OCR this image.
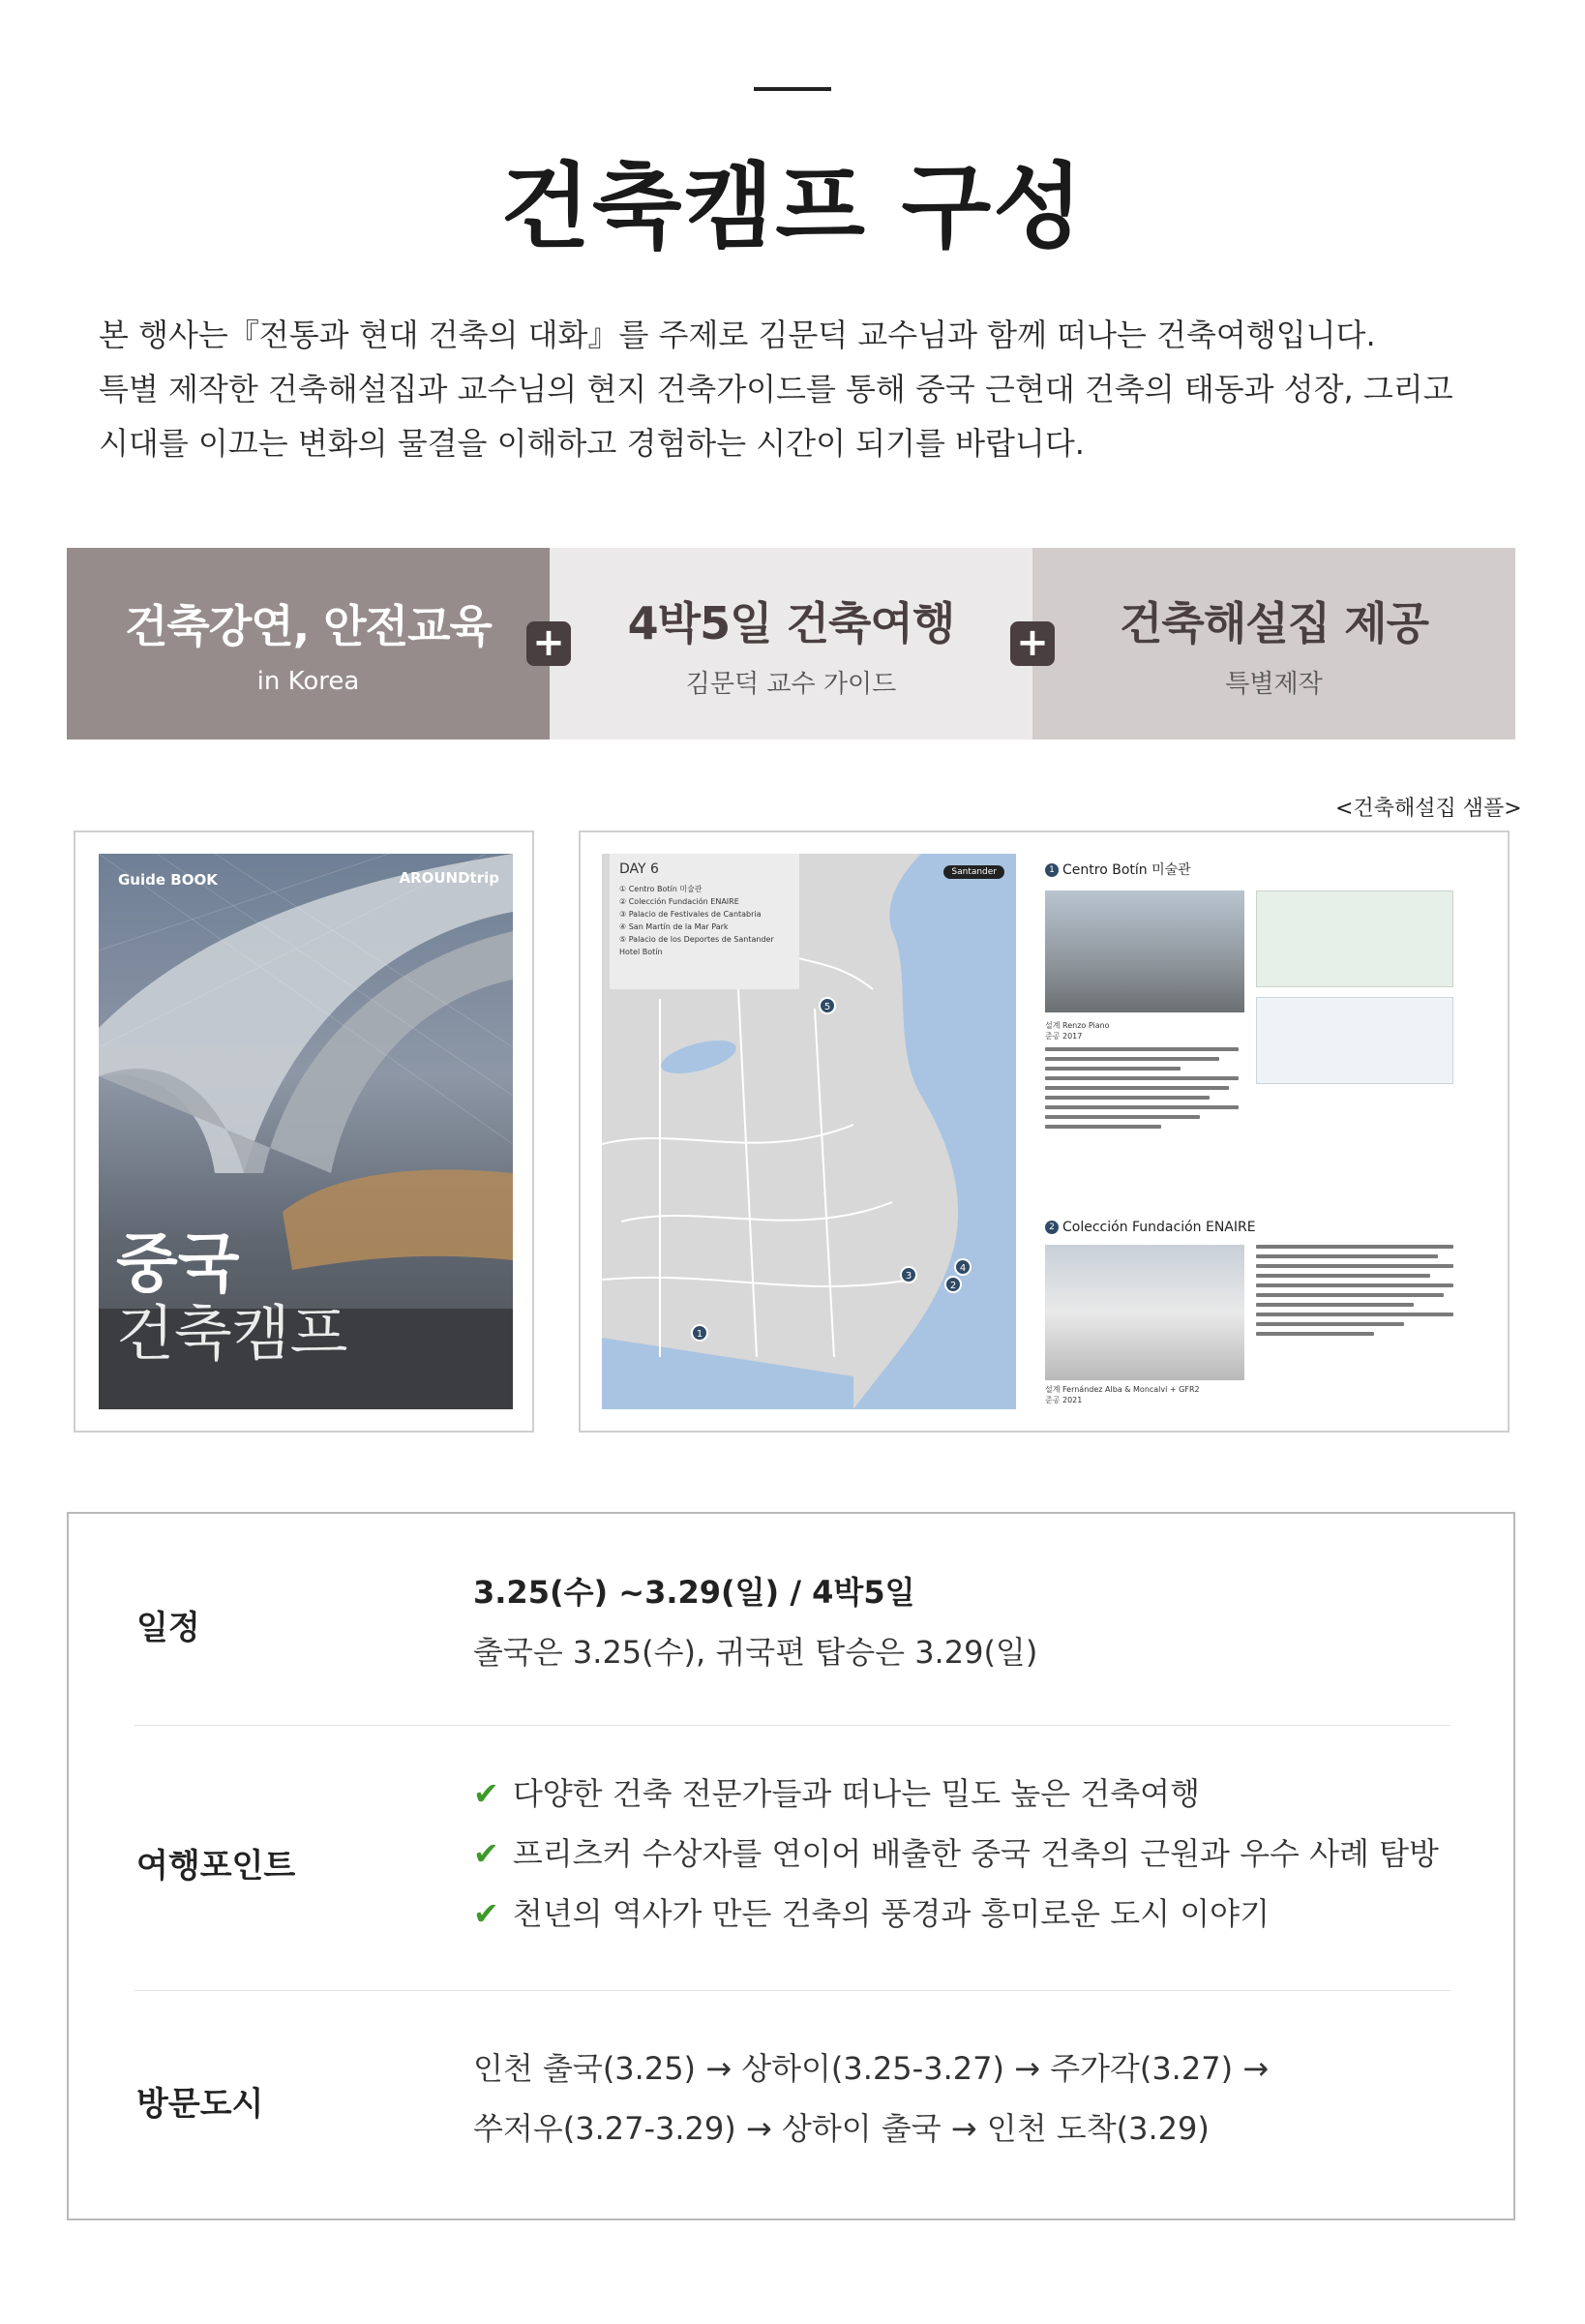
건축캠프 구성

본 행사는『전통과 현대 건축의 대화』를 주제로 김문덕 교수님과 함께 떠나는 건축여행입니다.

특별 제작한 건축해설집과 교수님의 현지 건축가이드를 통해 중국 근현대 건축의 태동과 성장, 그리고

시대를 이끄는 변화의 물결을 이해하고 경험하는 시간이 되기를 바랍니다.

건축강연, 안전교육
in Korea
4박5일 건축여행
김문덕 교수 가이드
건축해설집 제공
특별제작
+	+
<건축해설집 샘플>
Guide BOOK	AROUNDtrip
중국
건축캠프
DAY 6
① Centro Botín 미술관
② Colección Fundación ENAIRE
③ Palacio de Festivales de Cantabria
④ San Martín de la Mar Park
⑤ Palacio de los Deportes de Santander
Hotel Botín
Santander
5
3
4
2
1
1 Centro Botín 미술관
설계 Renzo Piano
준공 2017
2 Colección Fundación ENAIRE
설계 Fernández Alba & Moncalvi + GFR2
준공 2021
일정
3.25(수) ~3.29(일) / 4박5일
출국은 3.25(수), 귀국편 탑승은 3.29(일)
여행포인트
✔ 다양한 건축 전문가들과 떠나는 밀도 높은 건축여행
✔ 프리츠커 수상자를 연이어 배출한 중국 건축의 근원과 우수 사례 탐방
✔ 천년의 역사가 만든 건축의 풍경과 흥미로운 도시 이야기
방문도시
인천 출국(3.25) → 상하이(3.25-3.27) → 주가각(3.27) →
쑤저우(3.27-3.29) → 상하이 출국 → 인천 도착(3.29)
